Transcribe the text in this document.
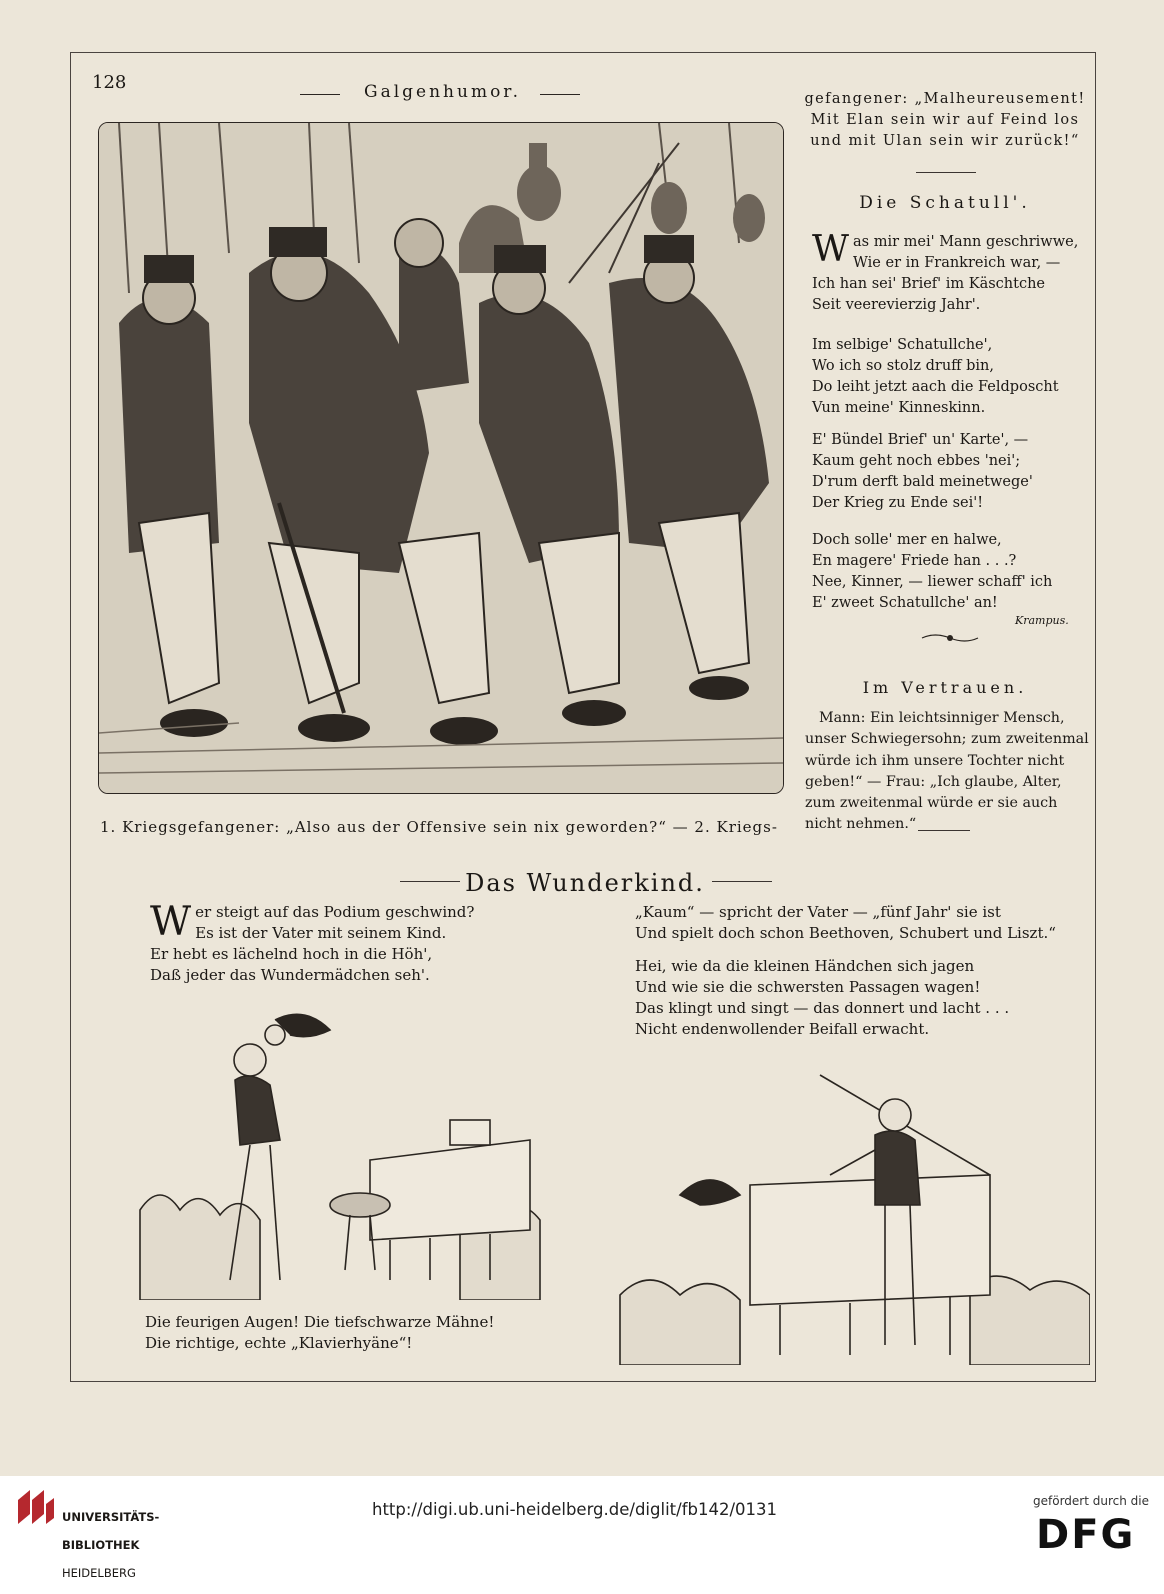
128	Galgenhumor.
1. Kriegsgefangener: „Also aus der Offensive sein nix geworden?“ — 2. Kriegs-
gefangener: „Malheureusement!
Mit Elan sein wir auf Feind los
und mit Ulan sein wir zurück!“
Die Schatull'.
W as mir mei' Mann geschriwwe,
Wie er in Frankreich war, —
Ich han sei' Brief' im Käschtche
Seit veerevierzig Jahr'.
Im selbige' Schatullche',
Wo ich so stolz druff bin,
Do leiht jetzt aach die Feldposcht
Vun meine' Kinneskinn.
E' Bündel Brief' un' Karte', —
Kaum geht noch ebbes 'nei';
D'rum derft bald meinetwege'
Der Krieg zu Ende sei'!
Doch solle' mer en halwe,
En magere' Friede han . . .?
Nee, Kinner, — liewer schaff' ich
E' zweet Schatullche' an!
Krampus.
Im Vertrauen.
Mann: Ein leichtsinniger Mensch,
unser Schwiegersohn; zum zweitenmal
würde ich ihm unsere Tochter nicht
geben!“ — Frau: „Ich glaube, Alter,
zum zweitenmal würde er sie auch
nicht nehmen.“
Das Wunderkind.
W er steigt auf das Podium geschwind?
Es ist der Vater mit seinem Kind.
Er hebt es lächelnd hoch in die Höh',
Daß jeder das Wundermädchen seh'.
„Kaum“ — spricht der Vater — „fünf Jahr' sie ist
Und spielt doch schon Beethoven, Schubert und Liszt.“
Hei, wie da die kleinen Händchen sich jagen
Und wie sie die schwersten Passagen wagen!
Das klingt und singt — das donnert und lacht . . .
Nicht endenwollender Beifall erwacht.
Die feurigen Augen! Die tiefschwarze Mähne!
Die richtige, echte „Klavierhyäne“!

UNIVERSITÄTS-

BIBLIOTHEK

HEIDELBERG

http://digi.ub.uni-heidelberg.de/diglit/fb142/0131	gefördert durch die
DFG
